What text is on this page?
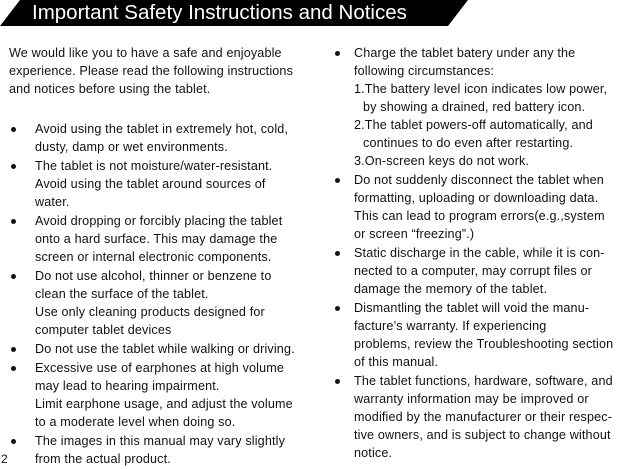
Important Safety Instructions and Notices
We would like you to have a safe and enjoyable
experience. Please read the following instructions
and notices before using the tablet.
Avoid using the tablet in extremely hot, cold,
dusty, damp or wet environments.
The tablet is not moisture/water-resistant.
Avoid using the tablet around sources of
water.
Avoid dropping or forcibly placing the tablet
onto a hard surface. This may damage the
screen or internal electronic components.
Do not use alcohol, thinner or benzene to
clean the surface of the tablet.
Use only cleaning products designed for
computer tablet devices
Do not use the tablet while walking or driving.
Excessive use of earphones at high volume
may lead to hearing impairment.
Limit earphone usage, and adjust the volume
to a moderate level when doing so.
The images in this manual may vary slightly
from the actual product.
Charge the tablet batery under any the
following circumstances:
1.The battery level icon indicates low power,
by showing a drained, red battery icon.
2.The tablet powers-off automatically, and
continues to do even after restarting.
3.On-screen keys do not work.
Do not suddenly disconnect the tablet when
formatting, uploading or downloading data.
This can lead to program errors(e.g.,system
or screen “freezing”.)
Static discharge in the cable, while it is con-
nected to a computer, may corrupt files or
damage the memory of the tablet.
Dismantling the tablet will void the manu-
facture’s warranty. If experiencing
problems, review the Troubleshooting section
of this manual.
The tablet functions, hardware, software, and
warranty information may be improved or
modified by the manufacturer or their respec-
tive owners, and is subject to change without
notice.
2
